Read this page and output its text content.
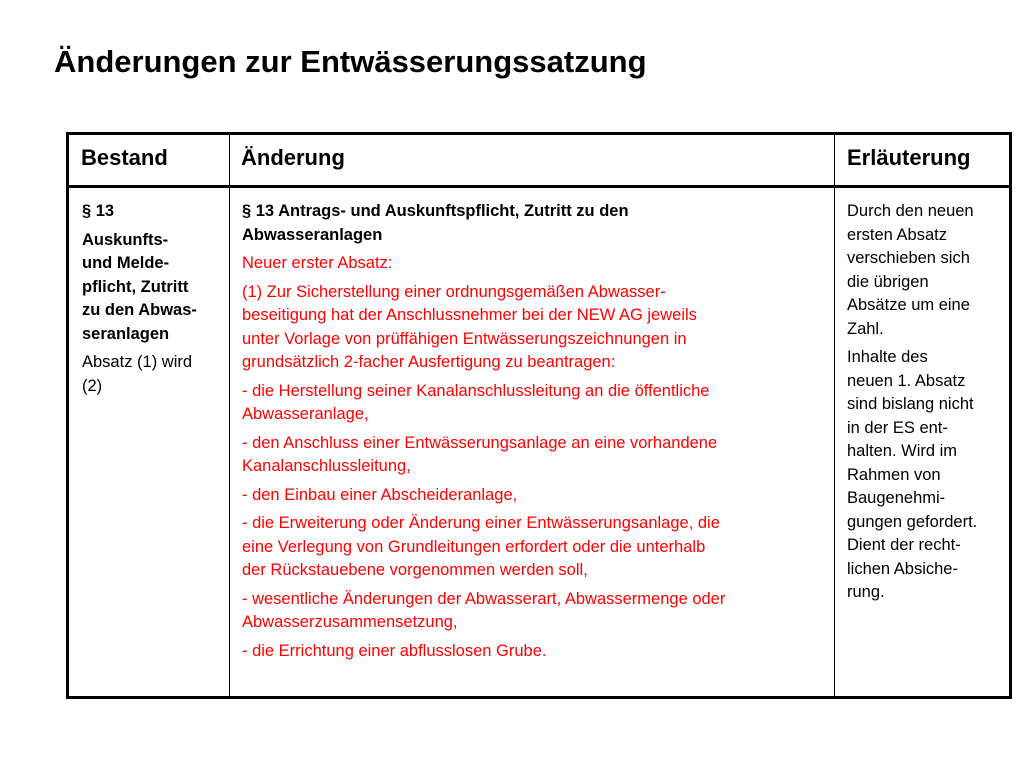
Änderungen zur Entwässerungssatzung
Bestand	Änderung	Erläuterung

§ 13

Auskunfts-
und Melde-
pflicht, Zutritt
zu den Abwas-
seranlagen

Absatz (1) wird
(2)

§ 13 Antrags- und Auskunftspflicht, Zutritt zu den
Abwasseranlagen

Neuer erster Absatz:

(1) Zur Sicherstellung einer ordnungsgemäßen Abwasser-
beseitigung hat der Anschlussnehmer bei der NEW AG jeweils
unter Vorlage von prüffähigen Entwässerungszeichnungen in
grundsätzlich 2-facher Ausfertigung zu beantragen:

- die Herstellung seiner Kanalanschlussleitung an die öffentliche
Abwasseranlage,

- den Anschluss einer Entwässerungsanlage an eine vorhandene
Kanalanschlussleitung,

- den Einbau einer Abscheideranlage,

- die Erweiterung oder Änderung einer Entwässerungsanlage, die
eine Verlegung von Grundleitungen erfordert oder die unterhalb
der Rückstauebene vorgenommen werden soll,

- wesentliche Änderungen der Abwasserart, Abwassermenge oder
Abwasserzusammensetzung,

- die Errichtung einer abflusslosen Grube.

Durch den neuen
ersten Absatz
verschieben sich
die übrigen
Absätze um eine
Zahl.

Inhalte des
neuen 1. Absatz
sind bislang nicht
in der ES ent-
halten. Wird im
Rahmen von
Baugenehmi-
gungen gefordert.
Dient der recht-
lichen Absiche-
rung.
